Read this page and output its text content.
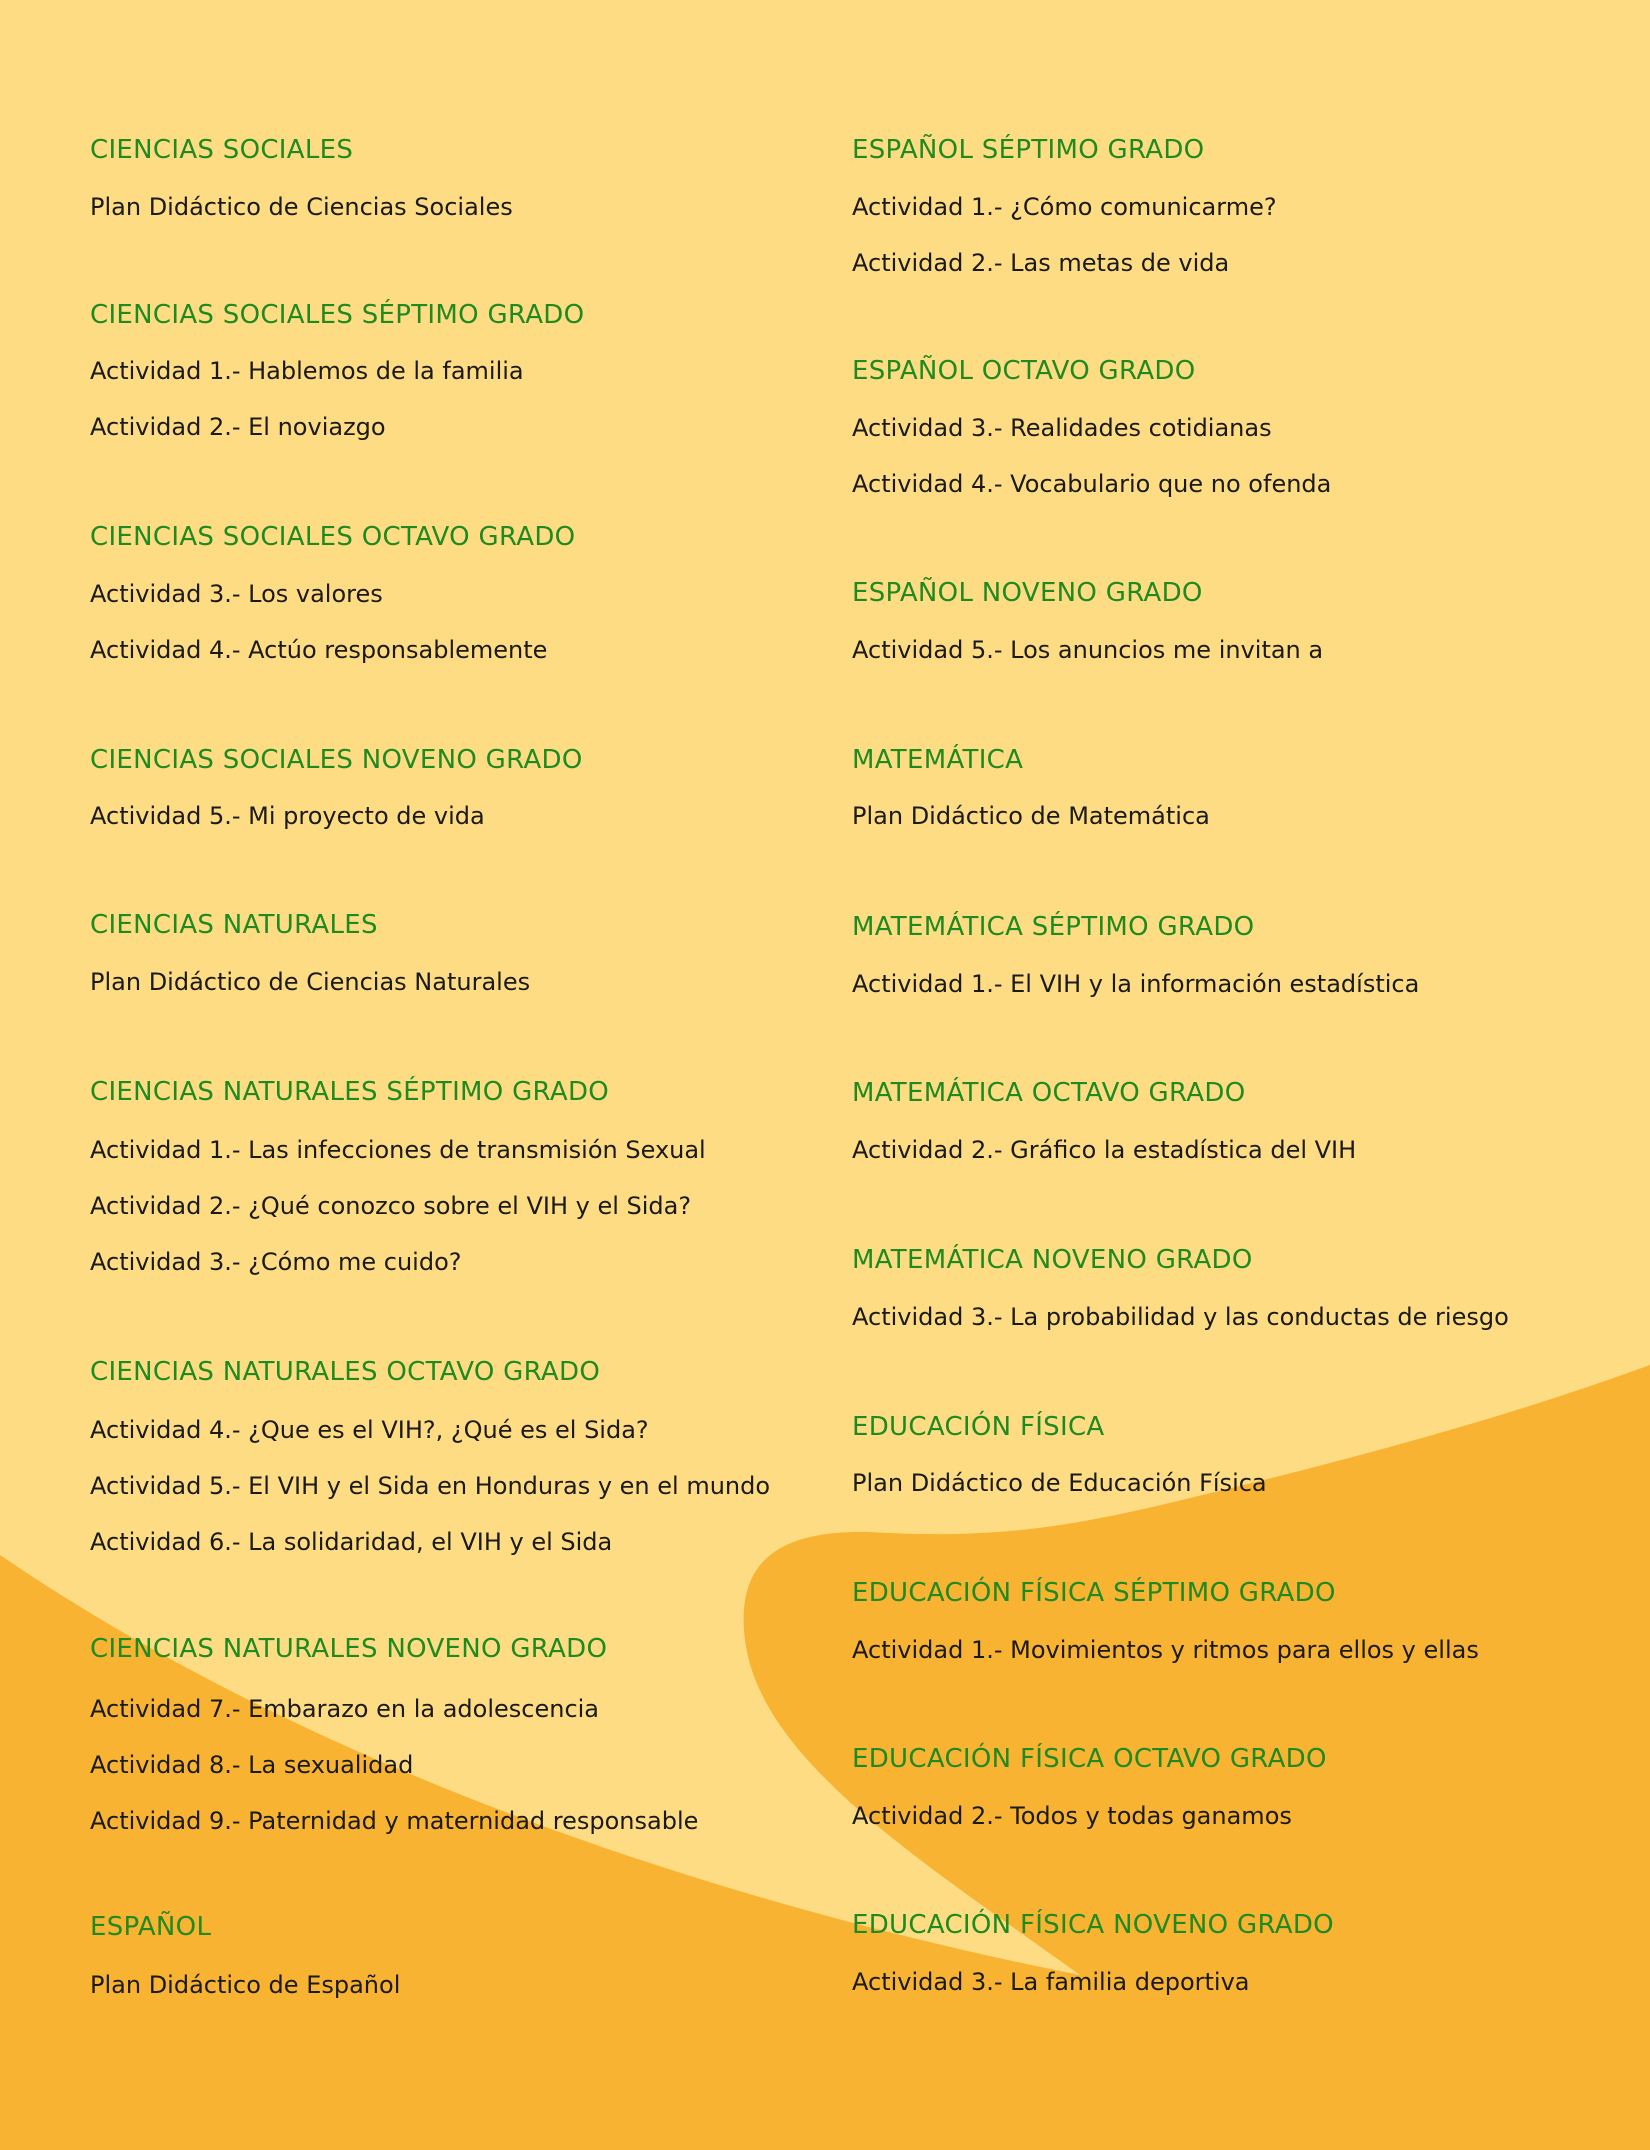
CIENCIAS SOCIALES
Plan Didáctico de Ciencias Sociales
CIENCIAS SOCIALES SÉPTIMO GRADO
Actividad 1.- Hablemos de la familia
Actividad 2.- El noviazgo
CIENCIAS SOCIALES OCTAVO GRADO
Actividad 3.- Los valores
Actividad 4.- Actúo responsablemente
CIENCIAS SOCIALES NOVENO GRADO
Actividad 5.- Mi proyecto de vida
CIENCIAS NATURALES
Plan Didáctico de Ciencias Naturales
CIENCIAS NATURALES SÉPTIMO GRADO
Actividad 1.- Las infecciones de transmisión Sexual
Actividad 2.- ¿Qué conozco sobre el VIH y el Sida?
Actividad 3.- ¿Cómo me cuido?
CIENCIAS NATURALES OCTAVO GRADO
Actividad 4.- ¿Que es el VIH?, ¿Qué es el Sida?
Actividad 5.- El VIH y el Sida en Honduras y en el mundo
Actividad 6.- La solidaridad, el VIH y el Sida
CIENCIAS NATURALES NOVENO GRADO
Actividad 7.- Embarazo en la adolescencia
Actividad 8.- La sexualidad
Actividad 9.- Paternidad y maternidad responsable
ESPAÑOL
Plan Didáctico de Español
ESPAÑOL SÉPTIMO GRADO
Actividad 1.- ¿Cómo comunicarme?
Actividad 2.- Las metas de vida
ESPAÑOL OCTAVO GRADO
Actividad 3.- Realidades cotidianas
Actividad 4.- Vocabulario que no ofenda
ESPAÑOL NOVENO GRADO
Actividad 5.- Los anuncios me invitan a
MATEMÁTICA
Plan Didáctico de Matemática
MATEMÁTICA SÉPTIMO GRADO
Actividad 1.- El VIH y la información estadística
MATEMÁTICA OCTAVO GRADO
Actividad 2.- Gráfico la estadística del VIH
MATEMÁTICA NOVENO GRADO
Actividad 3.- La probabilidad y las conductas de riesgo
EDUCACIÓN FÍSICA
Plan Didáctico de Educación Física
EDUCACIÓN FÍSICA SÉPTIMO GRADO
Actividad 1.- Movimientos y ritmos para ellos y ellas
EDUCACIÓN FÍSICA OCTAVO GRADO
Actividad 2.- Todos y todas ganamos
EDUCACIÓN FÍSICA NOVENO GRADO
Actividad 3.- La familia deportiva
